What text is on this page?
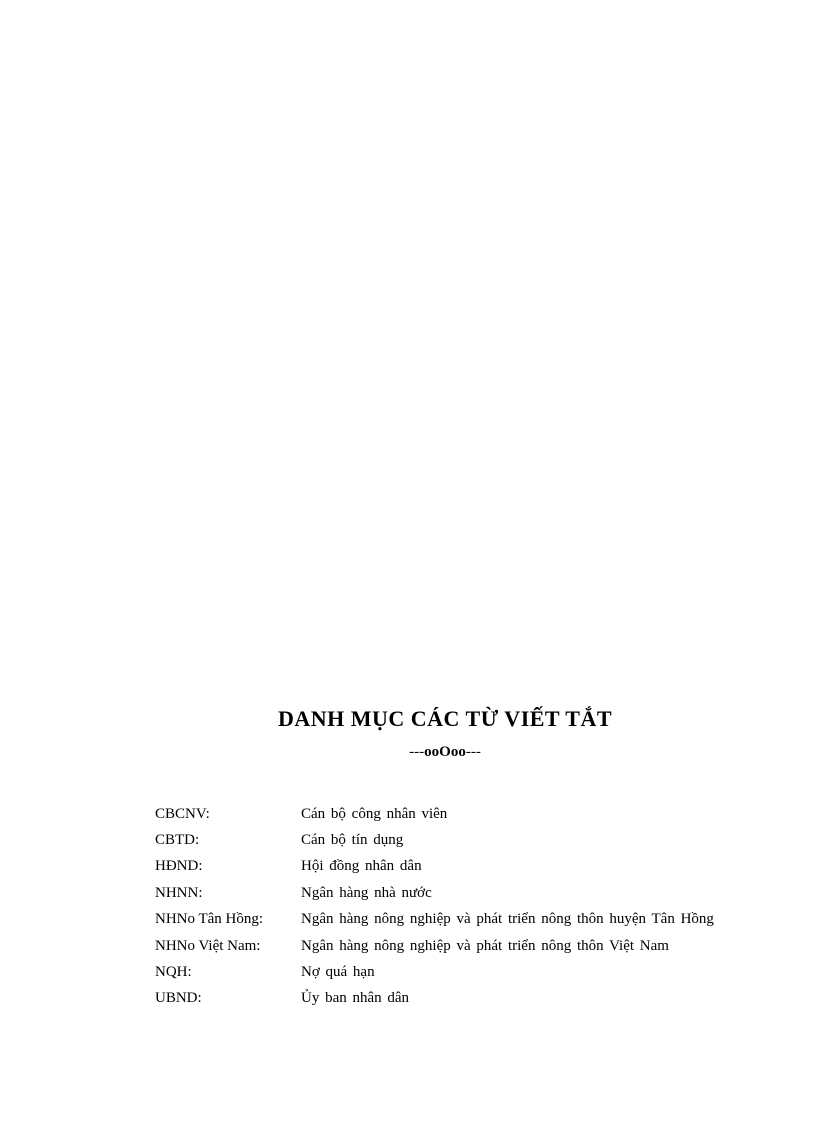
DANH MỤC CÁC TỪ VIẾT TẮT
---ooOoo---
CBCNV:	Cán bộ công nhân viên
CBTD:	Cán bộ tín dụng
HĐND:	Hội đồng nhân dân
NHNN:	Ngân hàng nhà nước
NHNo Tân Hồng:	Ngân hàng nông nghiệp và phát triển nông thôn huyện Tân Hồng
NHNo Việt Nam:	Ngân hàng nông nghiệp và phát triển nông thôn Việt Nam
NQH:	Nợ quá hạn
UBND:	Ủy ban nhân dân
